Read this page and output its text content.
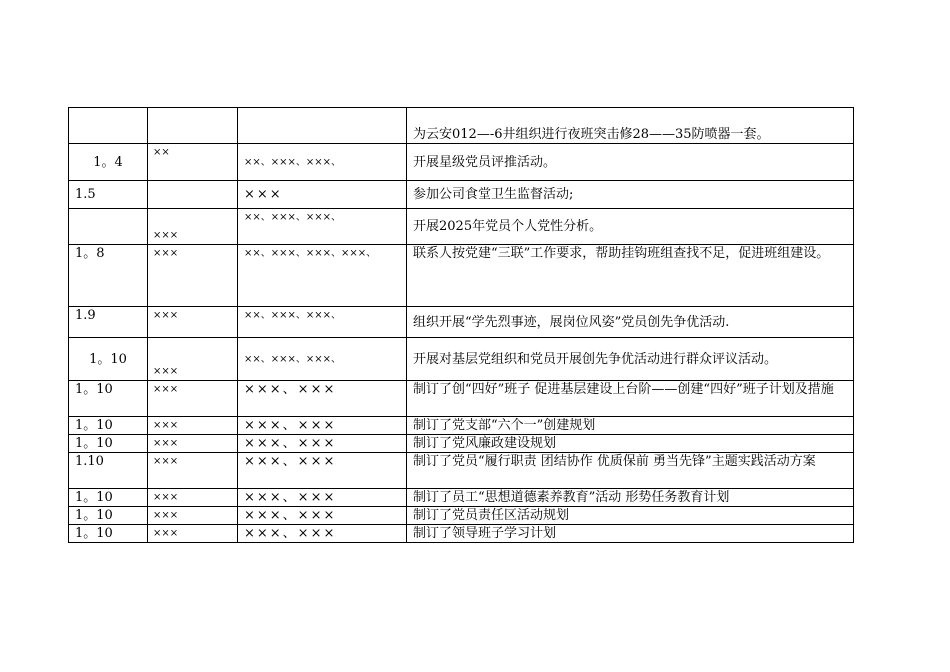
			为云安012—-6井组织进行夜班突击修28——35防喷器一套。
1。4	××	××、×××、×××、	开展星级党员评推活动。
1.5		×××	参加公司食堂卫生监督活动;
	×××	××、×××、×××、	开展2025年党员个人党性分析。
1。8	×××	××、×××、×××、×××、	联系人按党建“三联”工作要求，帮助挂钩班组查找不足，促进班组建设。
1.9	×××	××、×××、×××、	组织开展“学先烈事迹，展岗位风姿”党员创先争优活动.
1。10	×××	××、×××、×××、	开展对基层党组织和党员开展创先争优活动进行群众评议活动。
1。10	×××	×××、×××	制订了创“四好”班子 促进基层建设上台阶——创建“四好”班子计划及措施
1。10	×××	×××、×××	制订了党支部“六个一”创建规划
1。10	×××	×××、×××	制订了党风廉政建设规划
1.10	×××	×××、×××	制订了党员“履行职责 团结协作 优质保前 勇当先锋”主题实践活动方案
1。10	×××	×××、×××	制订了员工“思想道德素养教育”活动 形势任务教育计划
1。10	×××	×××、×××	制订了党员责任区活动规划
1。10	×××	×××、×××	制订了领导班子学习计划
